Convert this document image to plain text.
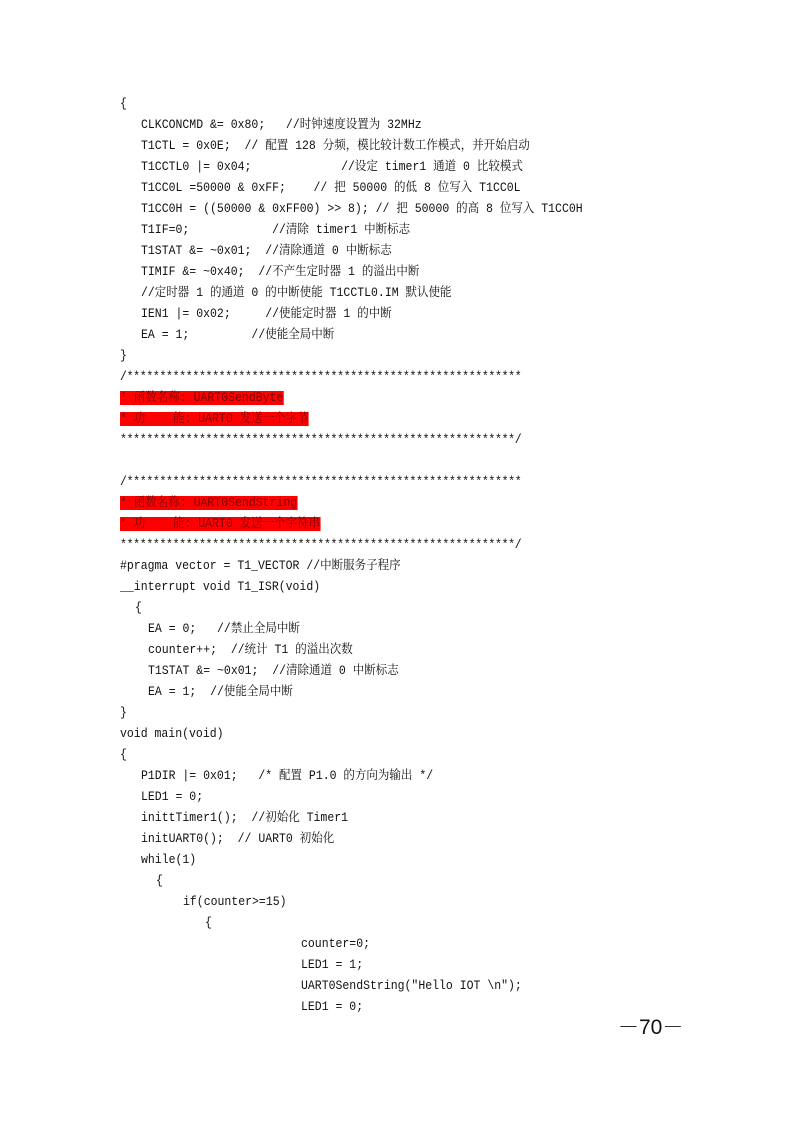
{
CLKCONCMD &= 0x80;   //时钟速度设置为 32MHz
T1CTL = 0x0E;  // 配置 128 分频，模比较计数工作模式，并开始启动
T1CCTL0 |= 0x04;             //设定 timer1 通道 0 比较模式
T1CC0L =50000 & 0xFF;    // 把 50000 的低 8 位写入 T1CC0L
T1CC0H = ((50000 & 0xFF00) >> 8); // 把 50000 的高 8 位写入 T1CC0H
T1IF=0;            //清除 timer1 中断标志
T1STAT &= ~0x01;  //清除通道 0 中断标志
TIMIF &= ~0x40;  //不产生定时器 1 的溢出中断
//定时器 1 的通道 0 的中断使能 T1CCTL0.IM 默认使能
IEN1 |= 0x02;     //使能定时器 1 的中断
EA = 1;         //使能全局中断
}
/************************************************************
* 函数名称: UART0SendByte
* 功    能: UART0 发送一个字节
************************************************************/
/************************************************************
* 函数名称: UART0SendString
* 功    能: UART0 发送一个字符串
************************************************************/
#pragma vector = T1_VECTOR //中断服务子程序
__interrupt void T1_ISR(void)
{
EA = 0;   //禁止全局中断
counter++;  //统计 T1 的溢出次数
T1STAT &= ~0x01;  //清除通道 0 中断标志
EA = 1;  //使能全局中断
}
void main(void)
{
P1DIR |= 0x01;   /* 配置 P1.0 的方向为输出 */
LED1 = 0;
inittTimer1();  //初始化 Timer1
initUART0();  // UART0 初始化
while(1)
{
if(counter>=15)
{
counter=0;
LED1 = 1;
UART0SendString("Hello IOT \n");
LED1 = 0;
－70－
